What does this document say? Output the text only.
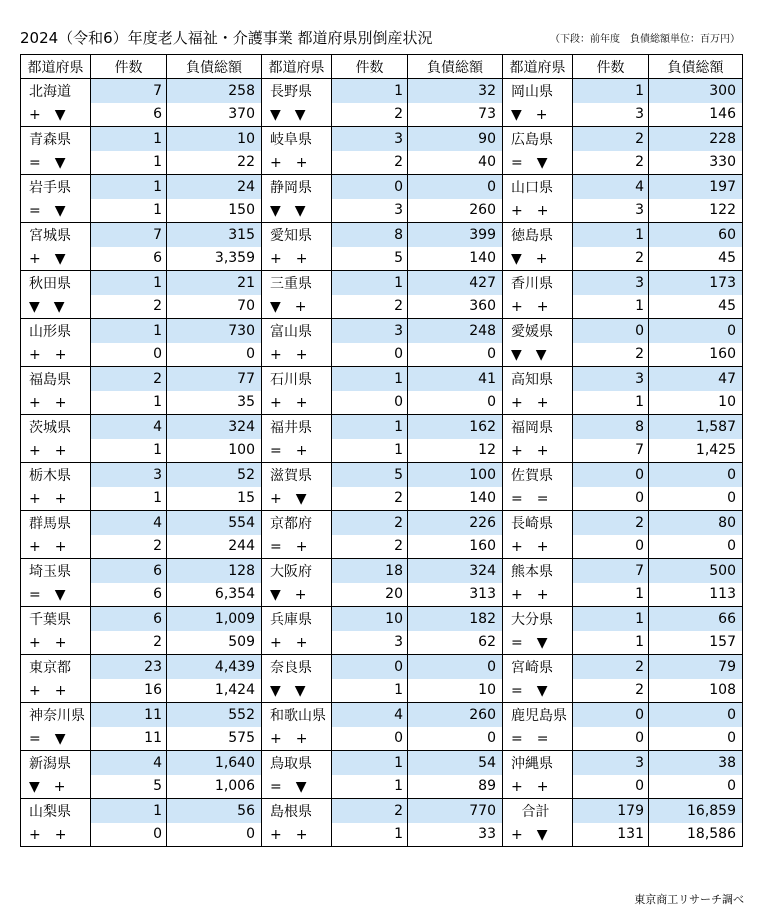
2024（令和6）年度老人福祉・介護事業 都道府県別倒産状況	（下段：前年度　負債総額単位：百万円）
都道府県	件数	負債総額	都道府県	件数	負債総額	都道府県	件数	負債総額
北海道	7	258	長野県	1	32	岡山県	1	300
+　▼	6	370	▼　▼	2	73	▼　+	3	146
青森県	1	10	岐阜県	3	90	広島県	2	228
=　▼	1	22	+　+	2	40	=　▼	2	330
岩手県	1	24	静岡県	0	0	山口県	4	197
=　▼	1	150	▼　▼	3	260	+　+	3	122
宮城県	7	315	愛知県	8	399	徳島県	1	60
+　▼	6	3,359	+　+	5	140	▼　+	2	45
秋田県	1	21	三重県	1	427	香川県	3	173
▼　▼	2	70	▼　+	2	360	+　+	1	45
山形県	1	730	富山県	3	248	愛媛県	0	0
+　+	0	0	+　+	0	0	▼　▼	2	160
福島県	2	77	石川県	1	41	高知県	3	47
+　+	1	35	+　+	0	0	+　+	1	10
茨城県	4	324	福井県	1	162	福岡県	8	1,587
+　+	1	100	=　+	1	12	+　+	7	1,425
栃木県	3	52	滋賀県	5	100	佐賀県	0	0
+　+	1	15	+　▼	2	140	=　=	0	0
群馬県	4	554	京都府	2	226	長崎県	2	80
+　+	2	244	=　+	2	160	+　+	0	0
埼玉県	6	128	大阪府	18	324	熊本県	7	500
=　▼	6	6,354	▼　+	20	313	+　+	1	113
千葉県	6	1,009	兵庫県	10	182	大分県	1	66
+　+	2	509	+　+	3	62	=　▼	1	157
東京都	23	4,439	奈良県	0	0	宮崎県	2	79
+　+	16	1,424	▼　▼	1	10	=　▼	2	108
神奈川県	11	552	和歌山県	4	260	鹿児島県	0	0
=　▼	11	575	+　+	0	0	=　=	0	0
新潟県	4	1,640	鳥取県	1	54	沖縄県	3	38
▼　+	5	1,006	=　▼	1	89	+　+	0	0
山梨県	1	56	島根県	2	770	合計	179	16,859
+　+	0	0	+　+	1	33	+　▼	131	18,586
東京商工リサーチ調べ
